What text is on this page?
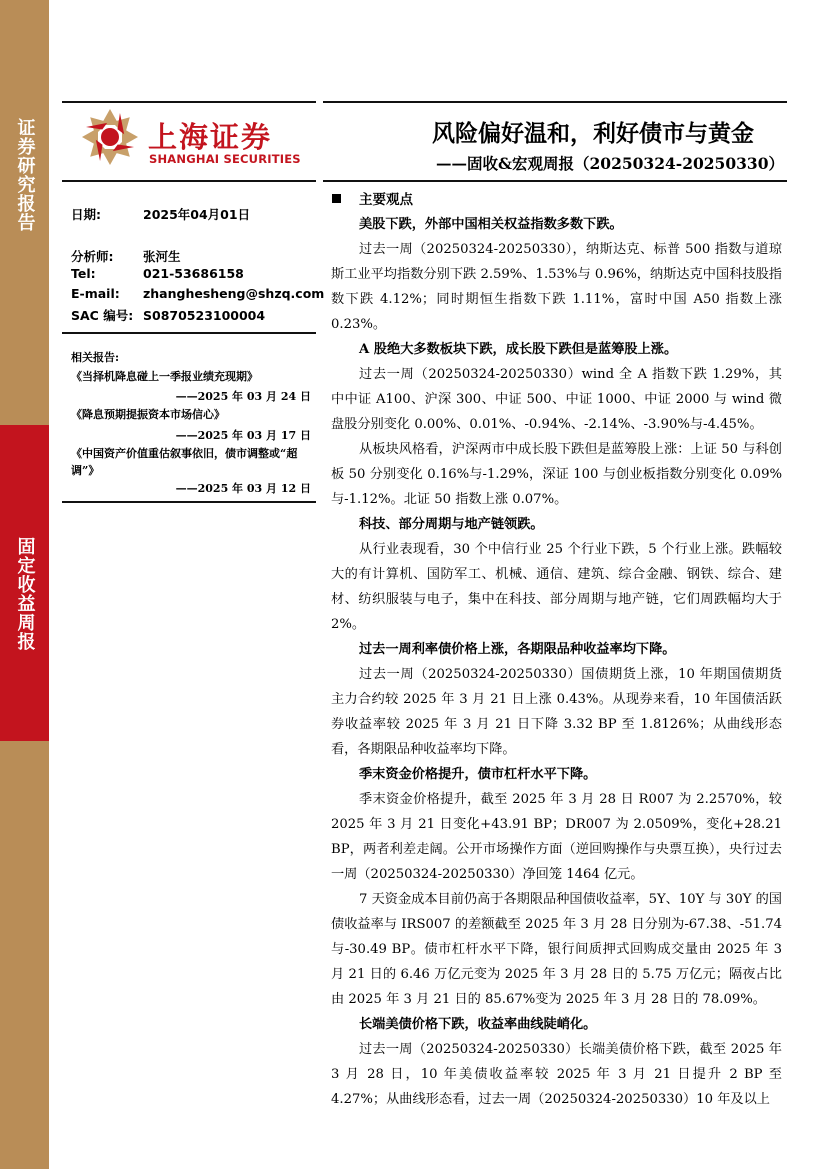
证券研究报告
固定收益周报
上海证券
SHANGHAI SECURITIES
风险偏好温和，利好债市与黄金
——固收&宏观周报（20250324-20250330）
日期:	2025年04月01日
分析师: 张河生
Tel:	021-53686158
E-mail: zhanghesheng@shzq.com
SAC 编号: S0870523100004
相关报告:
《当择机降息碰上一季报业绩充现期》
——2025 年 03 月 24 日
《降息预期提振资本市场信心》
——2025 年 03 月 17 日
《中国资产价值重估叙事依旧，债市调整或“超调”》
——2025 年 03 月 12 日
主要观点

美股下跌，外部中国相关权益指数多数下跌。

过去一周（20250324-20250330），纳斯达克、标普 500 指数与道琼斯工业平均指数分别下跌 2.59%、1.53%与 0.96%，纳斯达克中国科技股指数下跌 4.12%；同时期恒生指数下跌 1.11%，富时中国 A50 指数上涨 0.23%。

A 股绝大多数板块下跌，成长股下跌但是蓝筹股上涨。

过去一周（20250324-20250330）wind 全 A 指数下跌 1.29%，其中中证 A100、沪深 300、中证 500、中证 1000、中证 2000 与 wind 微盘股分别变化 0.00%、0.01%、-0.94%、-2.14%、-3.90%与-4.45%。

从板块风格看，沪深两市中成长股下跌但是蓝筹股上涨：上证 50 与科创板 50 分别变化 0.16%与-1.29%，深证 100 与创业板指数分别变化 0.09%与-1.12%。北证 50 指数上涨 0.07%。

科技、部分周期与地产链领跌。

从行业表现看，30 个中信行业 25 个行业下跌，5 个行业上涨。跌幅较大的有计算机、国防军工、机械、通信、建筑、综合金融、钢铁、综合、建材、纺织服装与电子，集中在科技、部分周期与地产链，它们周跌幅均大于 2%。

过去一周利率债价格上涨，各期限品种收益率均下降。

过去一周（20250324-20250330）国债期货上涨，10 年期国债期货主力合约较 2025 年 3 月 21 日上涨 0.43%。从现券来看，10 年国债活跃券收益率较 2025 年 3 月 21 日下降 3.32 BP 至 1.8126%；从曲线形态看，各期限品种收益率均下降。

季末资金价格提升，债市杠杆水平下降。

季末资金价格提升，截至 2025 年 3 月 28 日 R007 为 2.2570%，较 2025 年 3 月 21 日变化+43.91 BP；DR007 为 2.0509%，变化+28.21 BP，两者利差走阔。公开市场操作方面（逆回购操作与央票互换），央行过去一周（20250324-20250330）净回笼 1464 亿元。

7 天资金成本目前仍高于各期限品种国债收益率，5Y、10Y 与 30Y 的国债收益率与 IRS007 的差额截至 2025 年 3 月 28 日分别为-67.38、-51.74 与-30.49 BP。债市杠杆水平下降，银行间质押式回购成交量由 2025 年 3 月 21 日的 6.46 万亿元变为 2025 年 3 月 28 日的 5.75 万亿元；隔夜占比由 2025 年 3 月 21 日的 85.67%变为 2025 年 3 月 28 日的 78.09%。

长端美债价格下跌，收益率曲线陡峭化。

过去一周（20250324-20250330）长端美债价格下跌，截至 2025 年 3 月 28 日，10 年美债收益率较 2025 年 3 月 21 日提升 2 BP 至 4.27%；从曲线形态看，过去一周（20250324-20250330）10 年及以上
